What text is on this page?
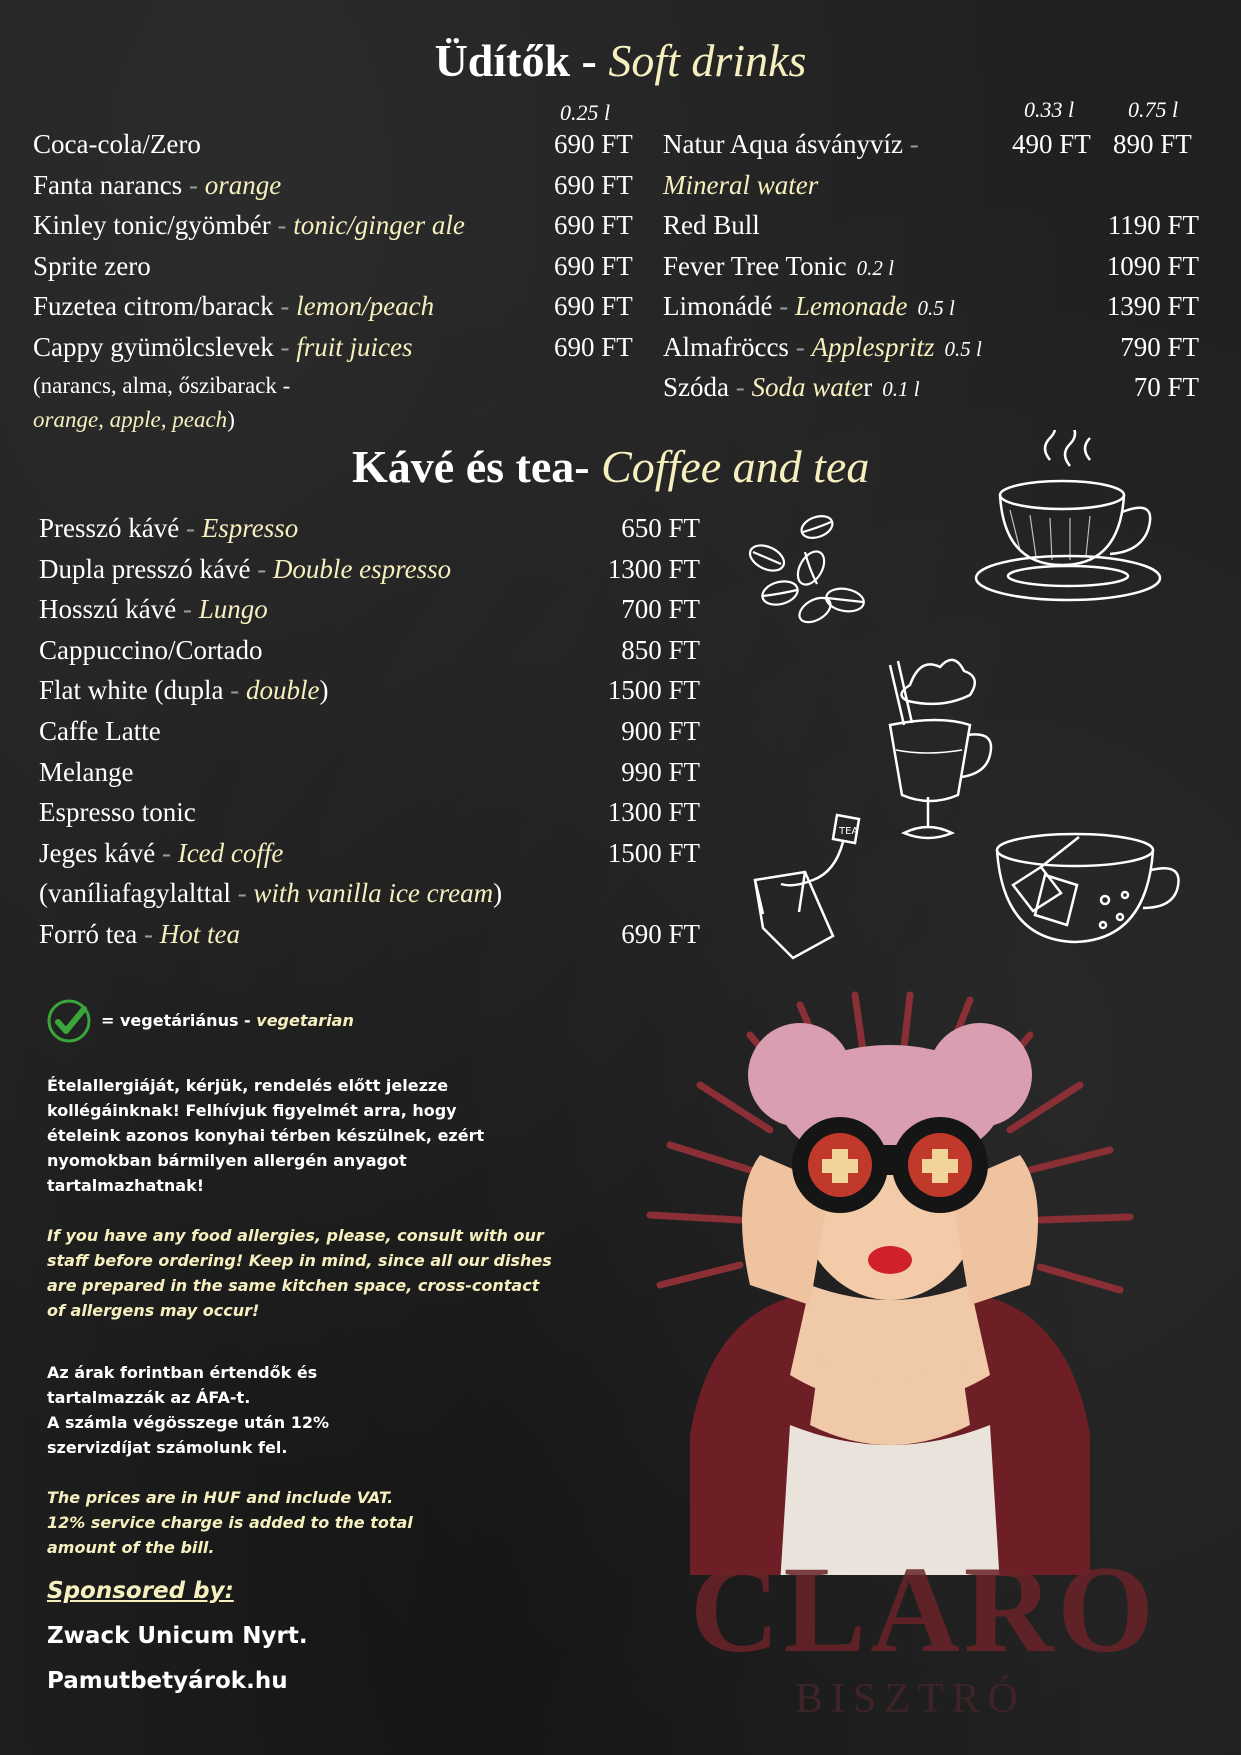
Üdítők - Soft drinks
0.25 l	0.33 l 0.75 l
Coca-cola/Zero	690 FT
Fanta narancs - orange	690 FT
Kinley tonic/gyömbér - tonic/ginger ale	690 FT
Sprite zero	690 FT
Fuzetea citrom/barack - lemon/peach	690 FT
Cappy gyümölcslevek - fruit juices	690 FT
(narancs, alma, őszibarack -
orange, apple, peach)
Natur Aqua ásványvíz -	490 FT 890 FT
Mineral water
Red Bull	1190 FT
Fever Tree Tonic 0.2 l	1090 FT
Limonádé - Lemonade 0.5 l	1390 FT
Almafröccs - Applespritz 0.5 l	790 FT
Szóda - Soda water 0.1 l	70 FT
Kávé és tea- Coffee and tea
Presszó kávé - Espresso	650 FT
Dupla presszó kávé - Double espresso	1300 FT
Hosszú kávé - Lungo	700 FT
Cappuccino/Cortado	850 FT
Flat white (dupla - double)	1500 FT
Caffe Latte	900 FT
Melange	990 FT
Espresso tonic	1300 FT
Jeges kávé - Iced coffe	1500 FT
(vaníliafagylalttal - with vanilla ice cream)
Forró tea - Hot tea	690 FT
TEA
CLARO
BISZTRÓ
= vegetáriánus - vegetarian
Ételallergiáját, kérjük, rendelés előtt jelezze
kollégáinknak! Felhívjuk figyelmét arra, hogy
ételeink azonos konyhai térben készülnek, ezért
nyomokban bármilyen allergén anyagot
tartalmazhatnak!
If you have any food allergies, please, consult with our
staff before ordering! Keep in mind, since all our dishes
are prepared in the same kitchen space, cross-contact
of allergens may occur!
Az árak forintban értendők és
tartalmazzák az ÁFA-t.
A számla végösszege után 12%
szervizdíjat számolunk fel.
The prices are in HUF and include VAT.
12% service charge is added to the total
amount of the bill.
Sponsored by:
Zwack Unicum Nyrt.
Pamutbetyárok.hu
